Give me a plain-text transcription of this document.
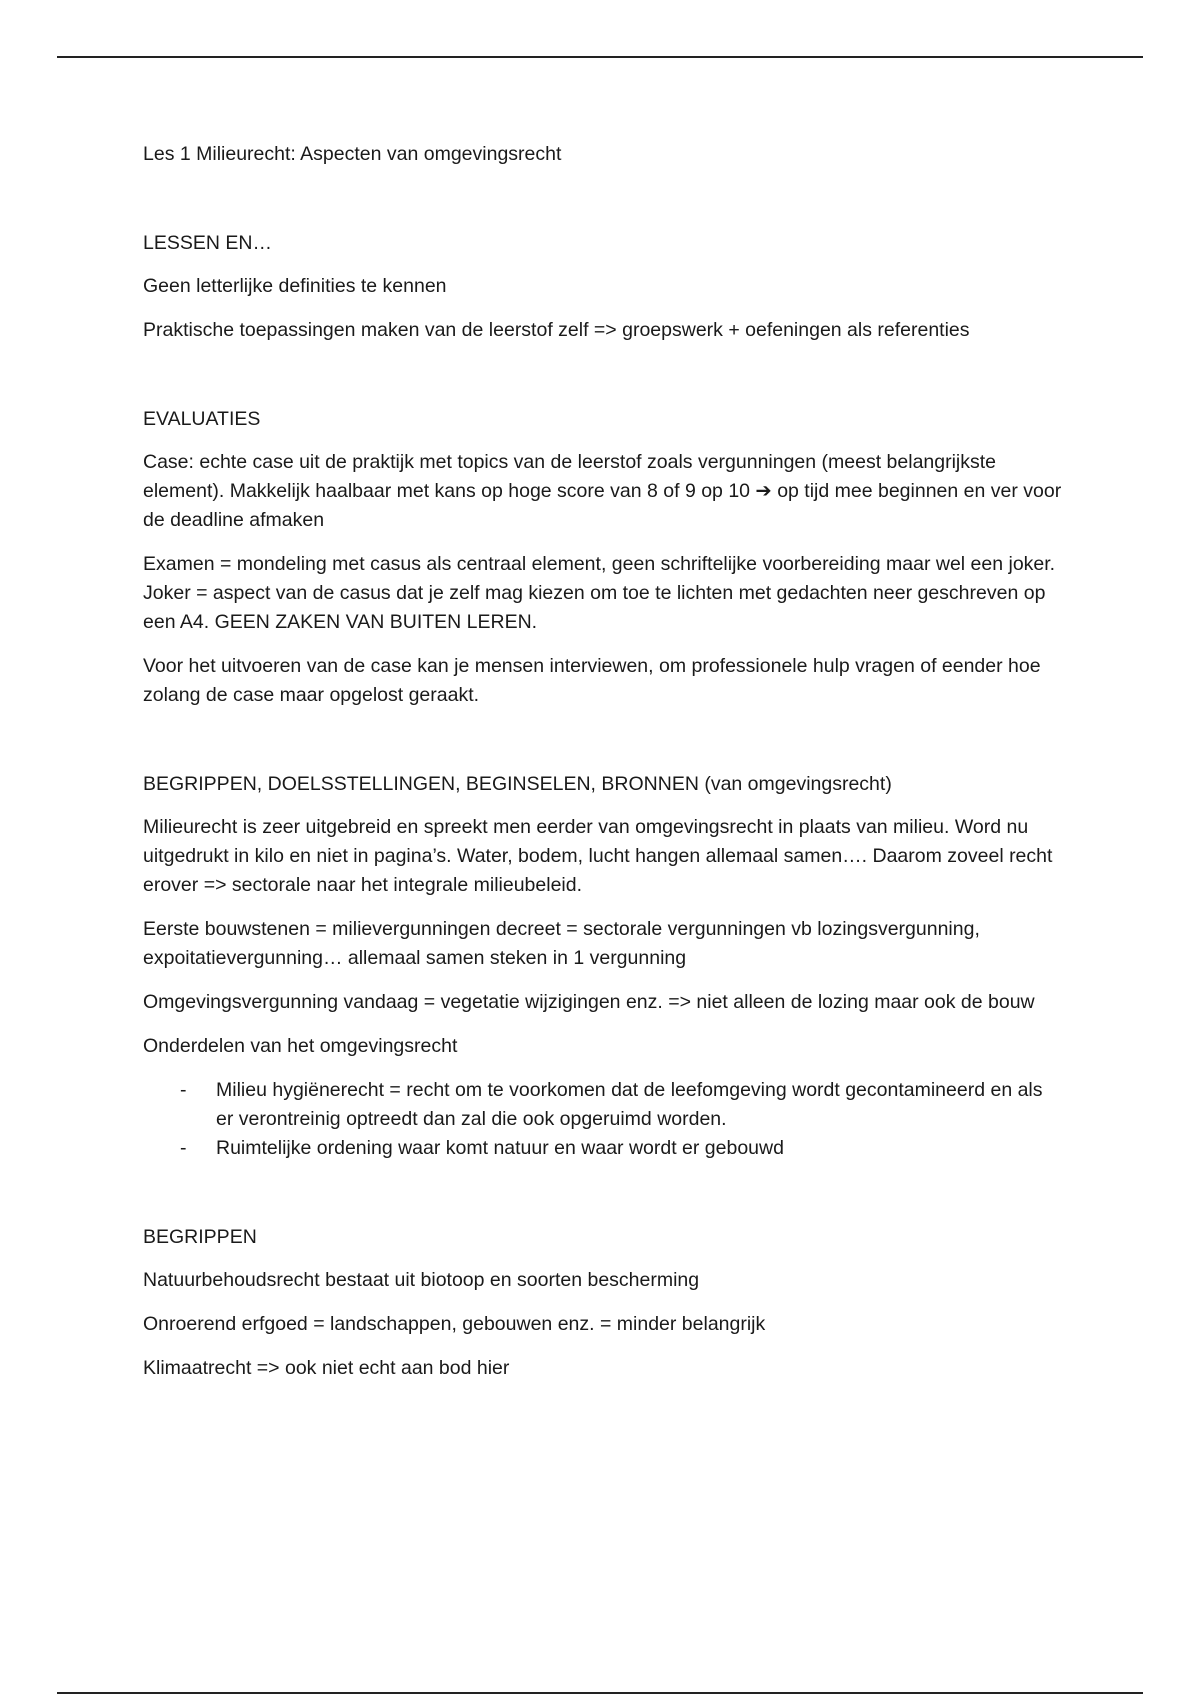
Les 1 Milieurecht: Aspecten van omgevingsrecht

LESSEN EN…

Geen letterlijke definities te kennen

Praktische toepassingen maken van de leerstof zelf => groepswerk + oefeningen als referenties

EVALUATIES

Case: echte case uit de praktijk met topics van de leerstof zoals vergunningen (meest belangrijkste element). Makkelijk haalbaar met kans op hoge score van 8 of 9 op 10 ➔ op tijd mee beginnen en ver voor de deadline afmaken

Examen = mondeling met casus als centraal element, geen schriftelijke voorbereiding maar wel een joker. Joker = aspect van de casus dat je zelf mag kiezen om toe te lichten met gedachten neer geschreven op een A4. GEEN ZAKEN VAN BUITEN LEREN.

Voor het uitvoeren van de case kan je mensen interviewen, om professionele hulp vragen of eender hoe zolang de case maar opgelost geraakt.

BEGRIPPEN, DOELSSTELLINGEN, BEGINSELEN, BRONNEN (van omgevingsrecht)

Milieurecht is zeer uitgebreid en spreekt men eerder van omgevingsrecht in plaats van milieu. Word nu uitgedrukt in kilo en niet in pagina’s. Water, bodem, lucht hangen allemaal samen…. Daarom zoveel recht erover => sectorale naar het integrale milieubeleid.

Eerste bouwstenen = milievergunningen decreet = sectorale vergunningen vb lozingsvergunning, expoitatievergunning… allemaal samen steken in 1 vergunning

Omgevingsvergunning vandaag = vegetatie wijzigingen enz. => niet alleen de lozing maar ook de bouw

Onderdelen van het omgevingsrecht

- Milieu hygiënerecht = recht om te voorkomen dat de leefomgeving wordt gecontamineerd en als er verontreinig optreedt dan zal die ook opgeruimd worden.
- Ruimtelijke ordening waar komt natuur en waar wordt er gebouwd

BEGRIPPEN

Natuurbehoudsrecht bestaat uit biotoop en soorten bescherming

Onroerend erfgoed = landschappen, gebouwen enz. = minder belangrijk

Klimaatrecht => ook niet echt aan bod hier
